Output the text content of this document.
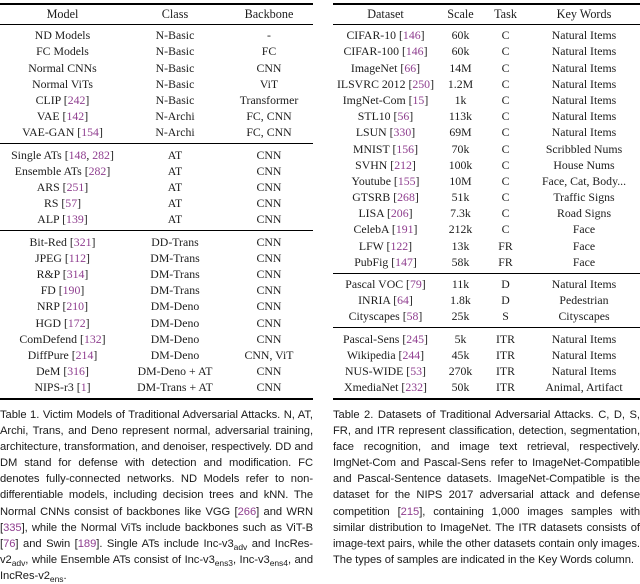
Model	Class	Backbone
ND Models	N-Basic	-
FC Models	N-Basic	FC
Normal CNNs	N-Basic	CNN
Normal ViTs	N-Basic	ViT
CLIP [242]	N-Basic	Transformer
VAE [142]	N-Archi	FC, CNN
VAE-GAN [154]	N-Archi	FC, CNN
Single ATs [148, 282]	AT	CNN
Ensemble ATs [282]	AT	CNN
ARS [251]	AT	CNN
RS [57]	AT	CNN
ALP [139]	AT	CNN
Bit-Red [321]	DD-Trans	CNN
JPEG [112]	DM-Trans	CNN
R&P [314]	DM-Trans	CNN
FD [190]	DM-Trans	CNN
NRP [210]	DM-Deno	CNN
HGD [172]	DM-Deno	CNN
ComDefend [132]	DM-Deno	CNN
DiffPure [214]	DM-Deno	CNN, ViT
DeM [316]	DM-Deno + AT	CNN
NIPS-r3 [1]	DM-Trans + AT	CNN

Table 1. Victim Models of Traditional Adversarial Attacks. N, AT, Archi, Trans, and Deno represent normal, adversarial training, architecture, transformation, and denoiser, respectively. DD and DM stand for defense with detection and modification. FC denotes fully-connected networks. ND Models refer to non-differentiable models, including decision trees and kNN. The Normal CNNs consist of backbones like VGG [266] and WRN [335], while the Normal ViTs include backbones such as ViT-B [76] and Swin [189]. Single ATs include Inc-$v3_{adv}$ and IncRes-$v2_{adv}$, while Ensemble ATs consist of Inc-$v3_{ens3}$, Inc-$v3_{ens4}$, and IncRes-$v2_{ens}$.

Dataset	Scale	Task	Key Words
CIFAR-10 [146]	60k	C	Natural Items
CIFAR-100 [146]	60k	C	Natural Items
ImageNet [66]	14M	C	Natural Items
ILSVRC 2012 [250]	1.2M	C	Natural Items
ImgNet-Com [15]	1k	C	Natural Items
STL10 [56]	113k	C	Natural Items
LSUN [330]	69M	C	Natural Items
MNIST [156]	70k	C	Scribbled Nums
SVHN [212]	100k	C	House Nums
Youtube [155]	10M	C	Face, Cat, Body...
GTSRB [268]	51k	C	Traffic Signs
LISA [206]	7.3k	C	Road Signs
CelebA [191]	212k	C	Face
LFW [122]	13k	FR	Face
PubFig [147]	58k	FR	Face
Pascal VOC [79]	11k	D	Natural Items
INRIA [64]	1.8k	D	Pedestrian
Cityscapes [58]	25k	S	Cityscapes
Pascal-Sens [245]	5k	ITR	Natural Items
Wikipedia [244]	45k	ITR	Natural Items
NUS-WIDE [53]	270k	ITR	Natural Items
XmediaNet [232]	50k	ITR	Animal, Artifact

Table 2. Datasets of Traditional Adversarial Attacks. C, D, S, FR, and ITR represent classification, detection, segmentation, face recognition, and image text retrieval, respectively. ImgNet-Com and Pascal-Sens refer to ImageNet-Compatible and Pascal-Sentence datasets. ImageNet-Compatible is the dataset for the NIPS 2017 adversarial attack and defense competition [215], containing 1,000 images samples with similar distribution to ImageNet. The ITR datasets consists of image-text pairs, while the other datasets contain only images. The types of samples are indicated in the Key Words column.
